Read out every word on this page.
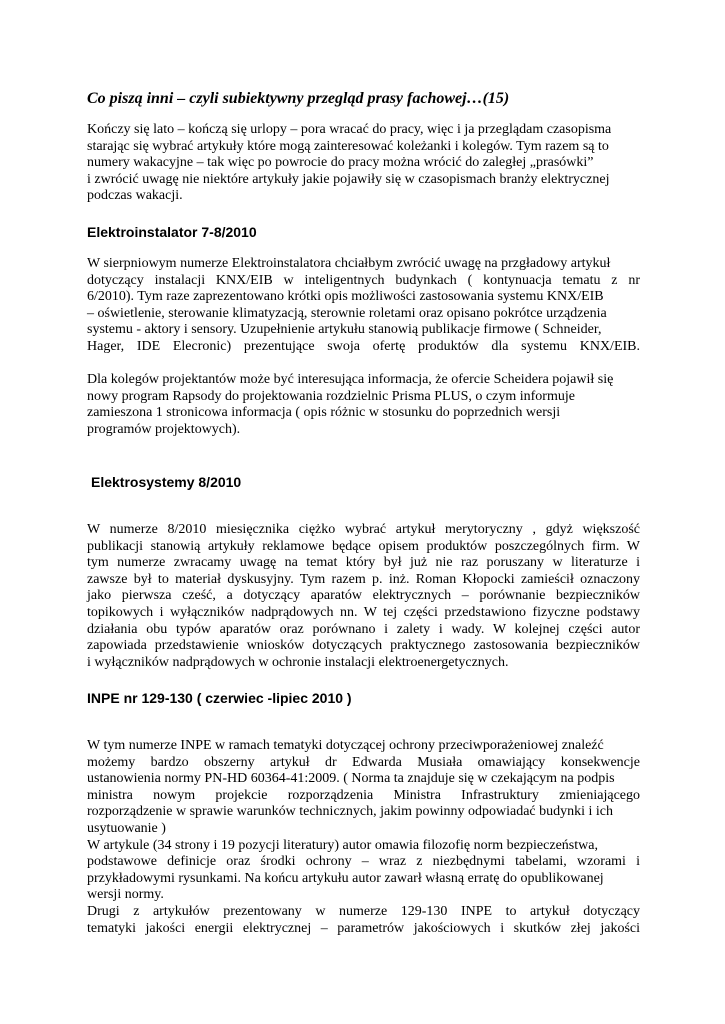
Co piszą inni – czyli subiektywny przegląd prasy fachowej…(15)
Kończy się lato – kończą się urlopy – pora wracać do pracy, więc i ja przeglądam czasopisma
starając się wybrać artykuły które mogą zainteresować koleżanki i kolegów. Tym razem są to
numery wakacyjne – tak więc po powrocie do pracy można wrócić do zaległej „prasówki”
i zwrócić uwagę nie niektóre artykuły jakie pojawiły się w czasopismach branży elektrycznej
podczas wakacji.
Elektroinstalator 7-8/2010
W sierpniowym numerze Elektroinstalatora chciałbym zwrócić uwagę na przgładowy artykuł
dotyczący instalacji KNX/EIB w inteligentnych budynkach ( kontynuacja tematu z nr
6/2010). Tym raze zaprezentowano krótki opis możliwości zastosowania systemu KNX/EIB
– oświetlenie, sterowanie klimatyzacją, sterownie roletami oraz opisano pokrótce urządzenia
systemu - aktory i sensory. Uzupełnienie artykułu stanowią publikacje firmowe ( Schneider,
Hager, IDE Elecronic) prezentujące swoja ofertę produktów dla systemu KNX/EIB.
Dla kolegów projektantów może być interesująca informacja, że ofercie Scheidera pojawił się
nowy program Rapsody do projektowania rozdzielnic Prisma PLUS, o czym informuje
zamieszona 1 stronicowa informacja ( opis różnic w stosunku do poprzednich wersji
programów projektowych).
Elektrosystemy 8/2010
W numerze 8/2010 miesięcznika ciężko wybrać artykuł merytoryczny , gdyż większość
publikacji stanowią artykuły reklamowe będące opisem produktów poszczególnych firm. W
tym numerze zwracamy uwagę na temat który był już nie raz poruszany w literaturze i
zawsze był to materiał dyskusyjny. Tym razem p. inż. Roman Kłopocki zamieścił oznaczony
jako pierwsza cześć, a dotyczący aparatów elektrycznych – porównanie bezpieczników
topikowych i wyłączników nadprądowych nn. W tej części przedstawiono fizyczne podstawy
działania obu typów aparatów oraz porównano i zalety i wady. W kolejnej części autor
zapowiada przedstawienie wniosków dotyczących praktycznego zastosowania bezpieczników
i wyłączników nadprądowych w ochronie instalacji elektroenergetycznych.
INPE nr 129-130 ( czerwiec -lipiec 2010 )
W tym numerze INPE w ramach tematyki dotyczącej ochrony przeciwporażeniowej znaleźć
możemy bardzo obszerny artykuł dr Edwarda Musiała omawiający konsekwencje
ustanowienia normy PN-HD 60364-41:2009. ( Norma ta znajduje się w czekającym na podpis
ministra nowym projekcie rozporządzenia Ministra Infrastruktury zmieniającego
rozporządzenie w sprawie warunków technicznych, jakim powinny odpowiadać budynki i ich
usytuowanie )
W artykule (34 strony i 19 pozycji literatury) autor omawia filozofię norm bezpieczeństwa,
podstawowe definicje oraz środki ochrony – wraz z niezbędnymi tabelami, wzorami i
przykładowymi rysunkami. Na końcu artykułu autor zawarł własną erratę do opublikowanej
wersji normy.
Drugi z artykułów prezentowany w numerze 129-130 INPE to artykuł dotyczący
tematyki jakości energii elektrycznej – parametrów jakościowych i skutków złej jakości
